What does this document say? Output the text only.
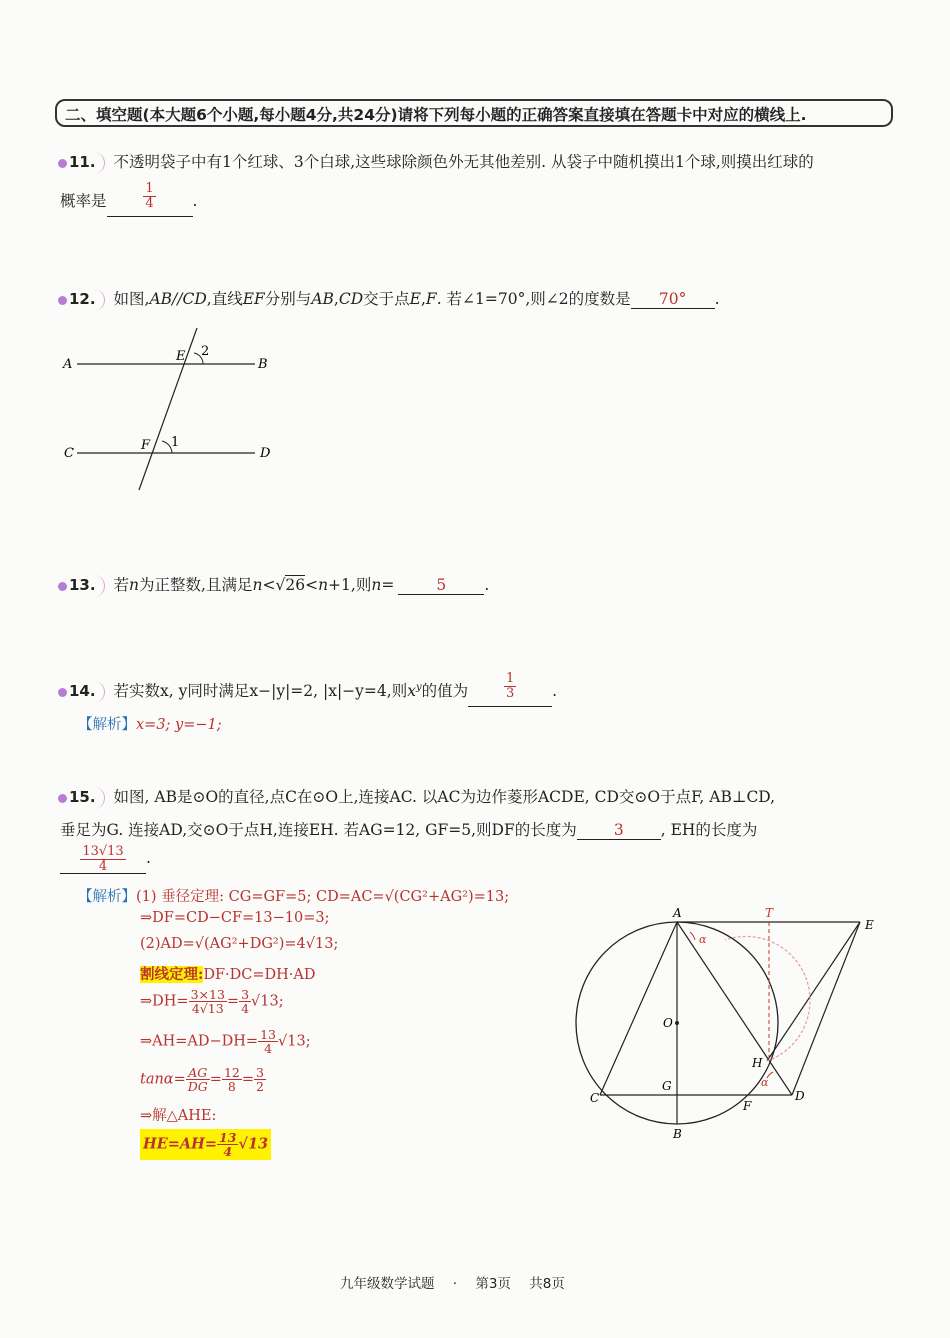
二、填空题(本大题6个小题,每小题4分,共24分)请将下列每小题的正确答案直接填在答题卡中对应的横线上.
11. 不透明袋子中有1个红球、3个白球,这些球除颜色外无其他差别. 从袋子中随机摸出1个球,则摸出红球的
概率是	$\frac{1}{4}$ .
12. 如图,AB//CD,直线EF分别与AB,CD交于点E,F. 若∠1=70°,则∠2的度数是 70° .
A	B
C	D
E 2
F 1
13. 若n为正整数,且满足n<√26<n+1,则n=	5 .
14. 若实数x, y同时满足x−|y|=2, |x|−y=4,则$x^y$的值为	$\frac{1}{3}$ .
【解析】x=3; y=−1;
15. 如图, AB是⊙O的直径,点C在⊙O上,连接AC. 以AC为边作菱形ACDE, CD交⊙O于点F, AB⊥CD,
垂足为G. 连接AD,交⊙O于点H,连接EH. 若AG=12, GF=5,则DF的长度为 3 , EH的长度为
$\frac{13√13}{4}$ .
【解析】(1) 垂径定理: CG=GF=5; CD=AC=√(CG²+AG²)=13;
⇒DF=CD−CF=13−10=3;
(2)AD=√(AG²+DG²)=4√13;
割线定理:DF·DC=DH·AD
⇒DH= $\frac{3\times 13}{4√13} = \frac{3}{4} √13$;
⇒AH=AD−DH= $\frac{13}{4} √13$;
$\tan\alpha= \frac{AG}{DG} = \frac{12}{8} = \frac{3}{2}$
⇒解△AHE:
$HE=AH= \frac{13}{4} √13$
A	T
E
O
H
G
C
F
D
B
α
α
九年级数学试题 · 第3页 共8页
